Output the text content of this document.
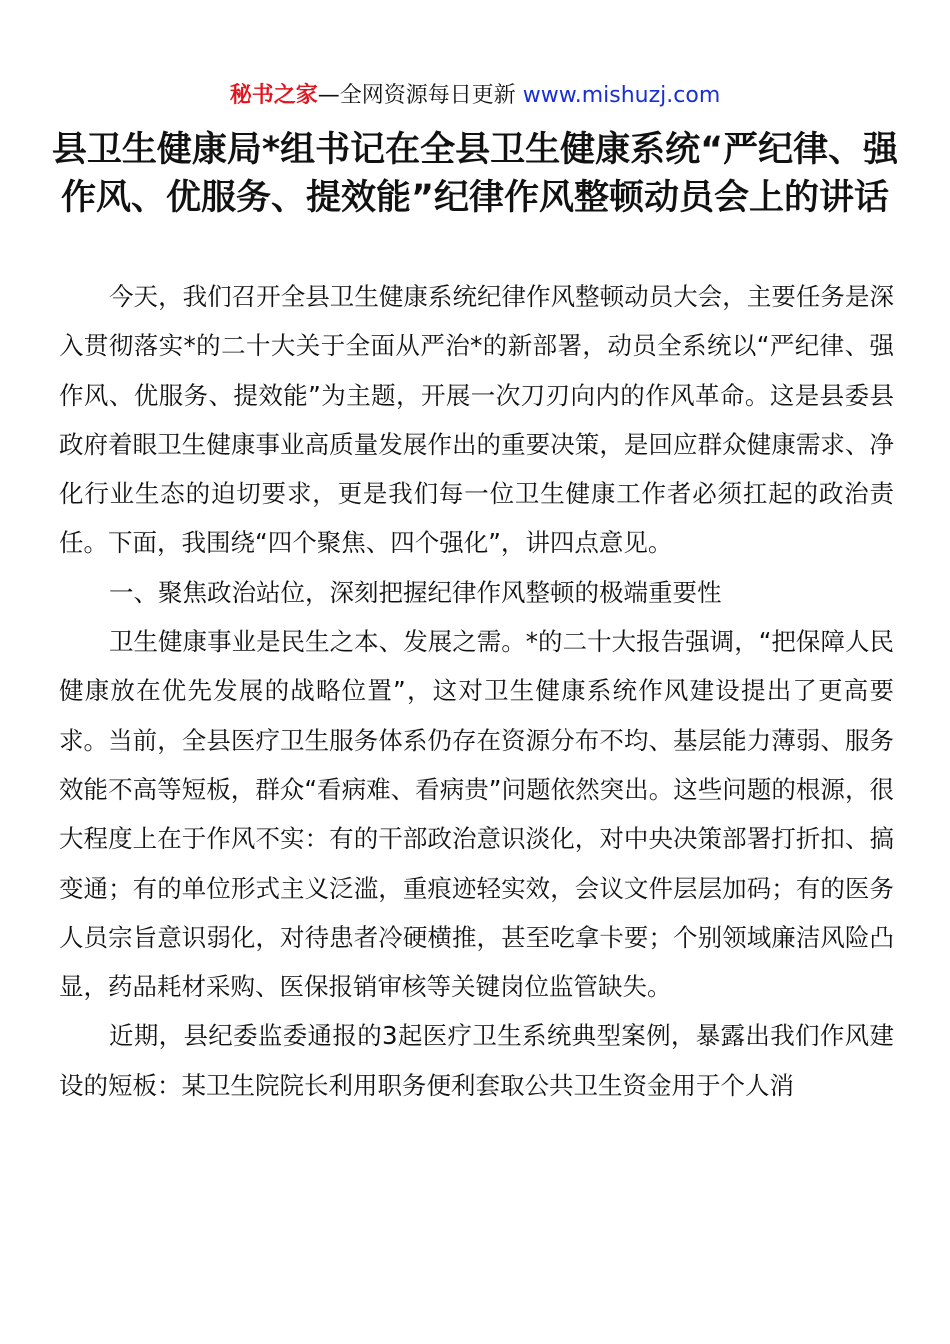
秘书之家—全网资源每日更新 www.mishuzj.com
县卫生健康局*组书记在全县卫生健康系统“严纪律、强作风、优服务、提效能”纪律作风整顿动员会上的讲话

今天，我们召开全县卫生健康系统纪律作风整顿动员大会，主要任务是深入贯彻落实*的二十大关于全面从严治*的新部署，动员全系统以“严纪律、强作风、优服务、提效能”为主题，开展一次刀刃向内的作风革命。这是县委县政府着眼卫生健康事业高质量发展作出的重要决策，是回应群众健康需求、净化行业生态的迫切要求，更是我们每一位卫生健康工作者必须扛起的政治责任。下面，我围绕“四个聚焦、四个强化”，讲四点意见。

一、聚焦政治站位，深刻把握纪律作风整顿的极端重要性

卫生健康事业是民生之本、发展之需。*的二十大报告强调，“把保障人民健康放在优先发展的战略位置”，这对卫生健康系统作风建设提出了更高要求。当前，全县医疗卫生服务体系仍存在资源分布不均、基层能力薄弱、服务效能不高等短板，群众“看病难、看病贵”问题依然突出。这些问题的根源，很大程度上在于作风不实：有的干部政治意识淡化，对中央决策部署打折扣、搞变通；有的单位形式主义泛滥，重痕迹轻实效，会议文件层层加码；有的医务人员宗旨意识弱化，对待患者冷硬横推，甚至吃拿卡要；个别领域廉洁风险凸显，药品耗材采购、医保报销审核等关键岗位监管缺失。

近期，县纪委监委通报的3起医疗卫生系统典型案例，暴露出我们作风建设的短板：某卫生院院长利用职务便利套取公共卫生资金用于个人消
